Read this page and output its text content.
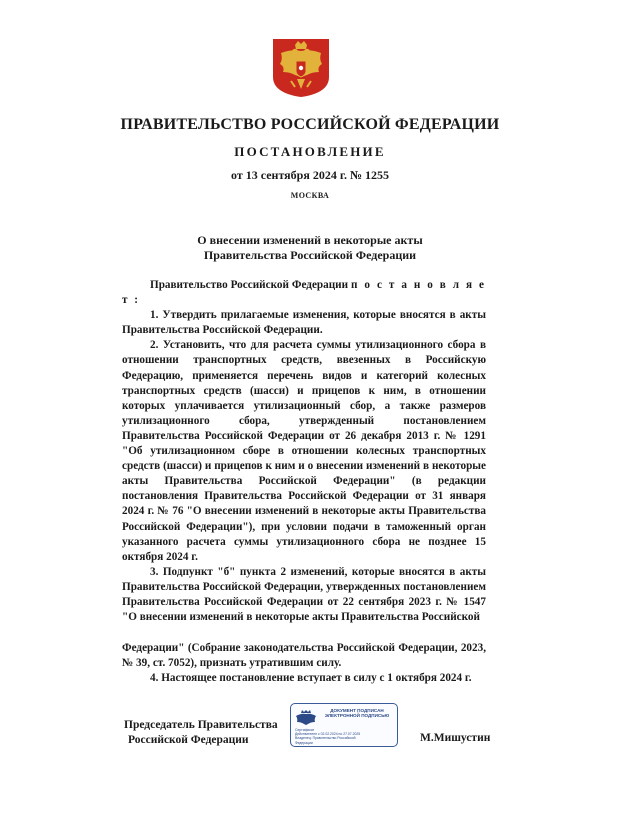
ПРАВИТЕЛЬСТВО РОССИЙСКОЙ ФЕДЕРАЦИИ
ПОСТАНОВЛЕНИЕ
от 13 сентября 2024 г. № 1255
МОСКВА
О внесении изменений в некоторые акты
Правительства Российской Федерации

Правительство Российской Федерации п о с т а н о в л я е т :

1. Утвердить прилагаемые изменения, которые вносятся в акты Правительства Российской Федерации.

2. Установить, что для расчета суммы утилизационного сбора в отношении транспортных средств, ввезенных в Российскую Федерацию, применяется перечень видов и категорий колесных транспортных средств (шасси) и прицепов к ним, в отношении которых уплачивается утилизационный сбор, а также размеров утилизационного сбора, утвержденный постановлением Правительства Российской Федерации от 26 декабря 2013 г. № 1291 "Об утилизационном сборе в отношении колесных транспортных средств (шасси) и прицепов к ним и о внесении изменений в некоторые акты Правительства Российской Федерации" (в редакции постановления Правительства Российской Федерации от 31 января 2024 г. № 76 "О внесении изменений в некоторые акты Правительства Российской Федерации"), при условии подачи в таможенный орган указанного расчета суммы утилизационного сбора не позднее 15 октября 2024 г.

3. Подпункт "б" пункта 2 изменений, которые вносятся в акты Правительства Российской Федерации, утвержденных постановлением Правительства Российской Федерации от 22 сентября 2023 г. № 1547 "О внесении изменений в некоторые акты Правительства Российской

Федерации" (Собрание законодательства Российской Федерации, 2023, № 39, ст. 7052), признать утратившим силу.

4. Настоящее постановление вступает в силу с 1 октября 2024 г.

Председатель Правительства
Российской Федерации
ДОКУМЕНТ ПОДПИСАН
ЭЛЕКТРОННОЙ ПОДПИСЬЮ
Сертификат
Действителен с 02.02.2024 по 27.07.2025
Владелец: Правительство Российской
Федерации	М.Мишустин
